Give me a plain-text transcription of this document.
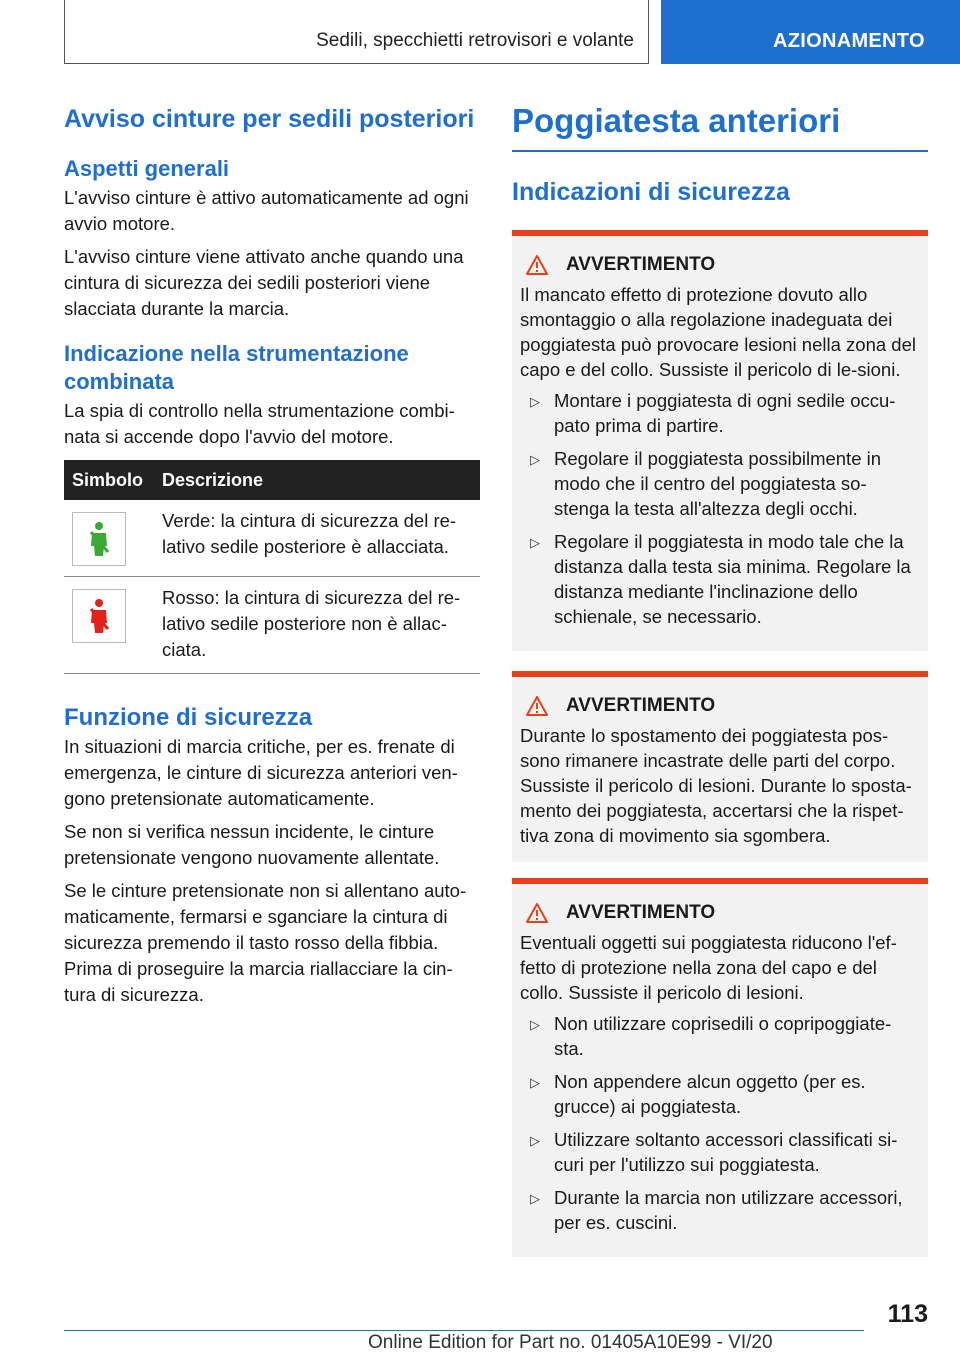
Sedili, specchietti retrovisori e volante	AZIONAMENTO
Avviso cinture per sedili posteriori
Aspetti generali

L'avviso cinture è attivo automaticamente ad ogni avvio motore.

L'avviso cinture viene attivato anche quando una cintura di sicurezza dei sedili posteriori viene slacciata durante la marcia.

Indicazione nella strumentazione combinata

La spia di controllo nella strumentazione combi-nata si accende dopo l'avvio del motore.

Simbolo	Descrizione
Verde: la cintura di sicurezza del re-lativo sedile posteriore è allacciata.
Rosso: la cintura di sicurezza del re-lativo sedile posteriore non è allac-ciata.
Funzione di sicurezza

In situazioni di marcia critiche, per es. frenate di emergenza, le cinture di sicurezza anteriori ven-gono pretensionate automaticamente.

Se non si verifica nessun incidente, le cinture pretensionate vengono nuovamente allentate.

Se le cinture pretensionate non si allentano auto-maticamente, fermarsi e sganciare la cintura di sicurezza premendo il tasto rosso della fibbia. Prima di proseguire la marcia riallacciare la cin-tura di sicurezza.

Poggiatesta anteriori
Indicazioni di sicurezza
AVVERTIMENTO

Il mancato effetto di protezione dovuto allo smontaggio o alla regolazione inadeguata dei poggiatesta può provocare lesioni nella zona del capo e del collo. Sussiste il pericolo di le-sioni.

▷ Montare i poggiatesta di ogni sedile occu-pato prima di partire.
▷ Regolare il poggiatesta possibilmente in modo che il centro del poggiatesta so-stenga la testa all'altezza degli occhi.
▷ Regolare il poggiatesta in modo tale che la distanza dalla testa sia minima. Regolare la distanza mediante l'inclinazione dello schienale, se necessario.
AVVERTIMENTO

Durante lo spostamento dei poggiatesta pos-sono rimanere incastrate delle parti del corpo. Sussiste il pericolo di lesioni. Durante lo sposta-mento dei poggiatesta, accertarsi che la rispet-tiva zona di movimento sia sgombera.

AVVERTIMENTO

Eventuali oggetti sui poggiatesta riducono l'ef-fetto di protezione nella zona del capo e del collo. Sussiste il pericolo di lesioni.

▷ Non utilizzare coprisedili o copripoggiate-sta.
▷ Non appendere alcun oggetto (per es. grucce) ai poggiatesta.
▷ Utilizzare soltanto accessori classificati si-curi per l'utilizzo sui poggiatesta.
▷ Durante la marcia non utilizzare accessori, per es. cuscini.
113
Online Edition for Part no. 01405A10E99 - VI/20
